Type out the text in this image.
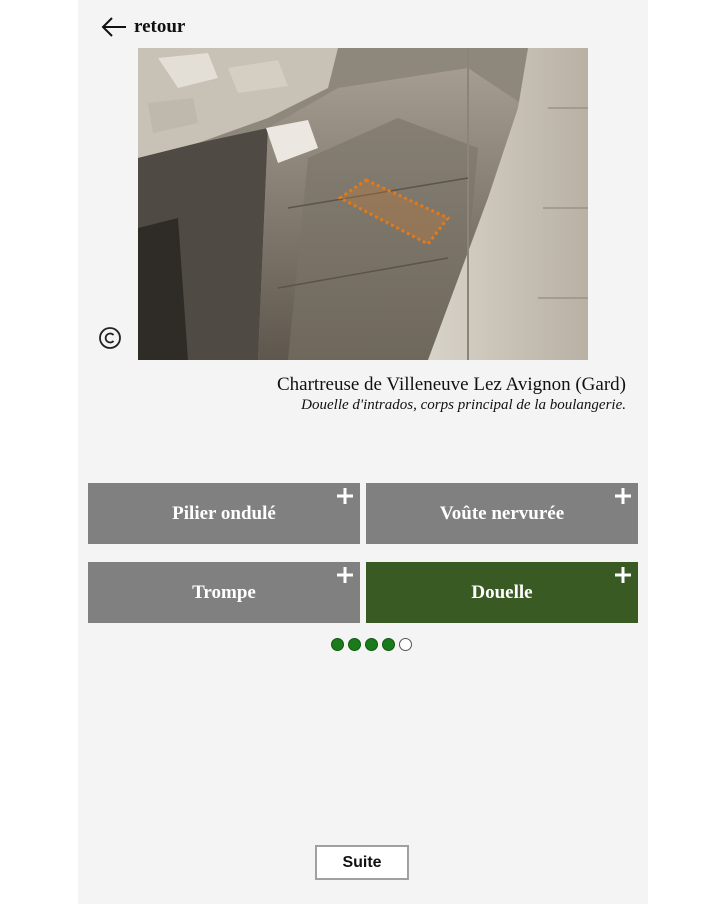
retour
Chartreuse de Villeneuve Lez Avignon (Gard)
Douelle d'intrados, corps principal de la boulangerie.
Pilier ondulé	Voûte nervurée
Trompe	Douelle
Suite
